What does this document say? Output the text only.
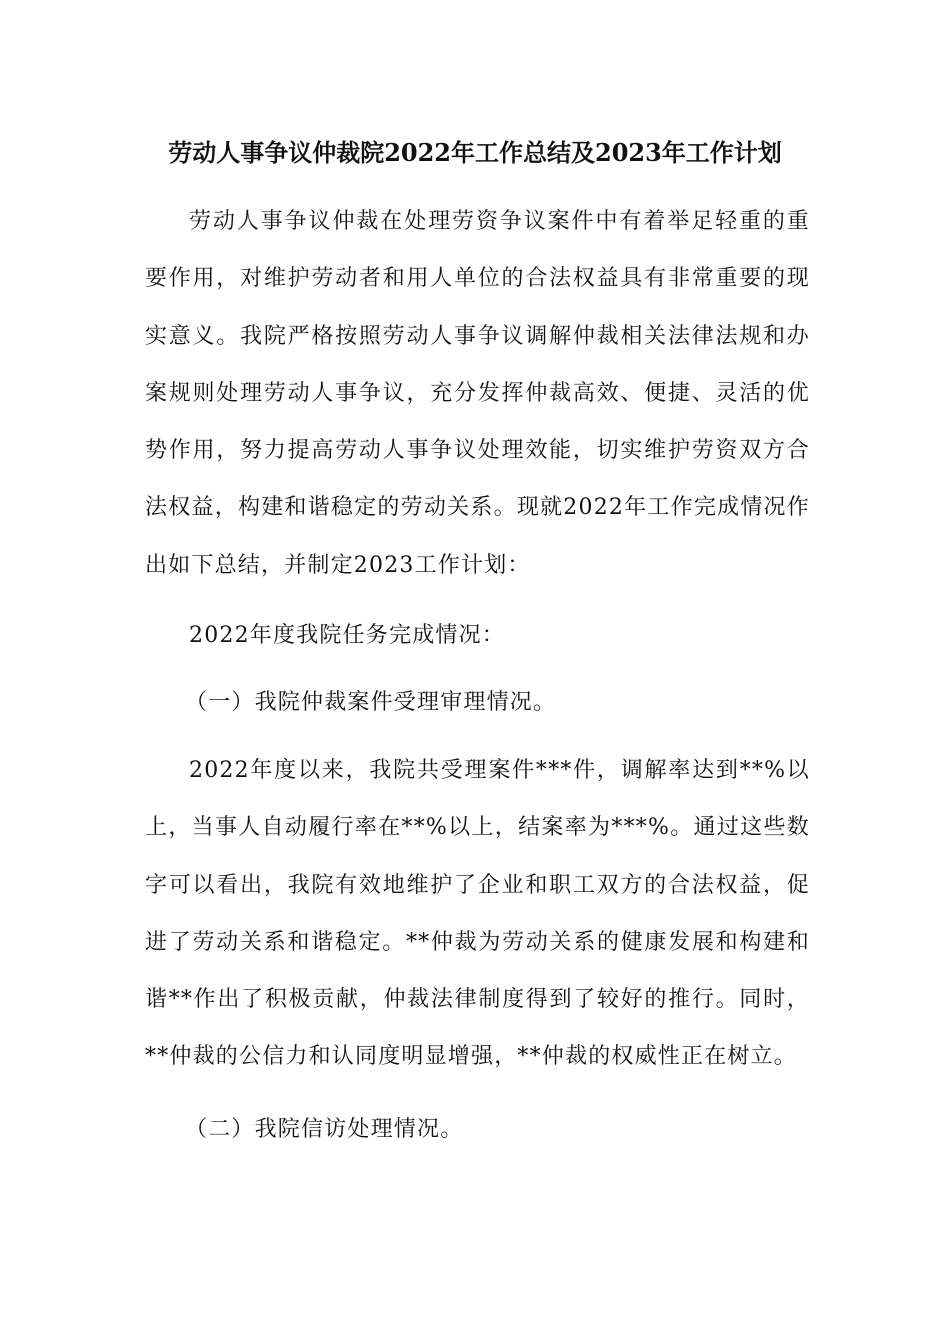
劳动人事争议仲裁院2022年工作总结及2023年工作计划

劳动人事争议仲裁在处理劳资争议案件中有着举足轻重的重要作用，对维护劳动者和用人单位的合法权益具有非常重要的现实意义。我院严格按照劳动人事争议调解仲裁相关法律法规和办案规则处理劳动人事争议，充分发挥仲裁高效、便捷、灵活的优势作用，努力提高劳动人事争议处理效能，切实维护劳资双方合法权益，构建和谐稳定的劳动关系。现就2022年工作完成情况作出如下总结，并制定2023工作计划：

2022年度我院任务完成情况：

（一）我院仲裁案件受理审理情况。

2022年度以来，我院共受理案件***件，调解率达到**%以上，当事人自动履行率在**%以上，结案率为***%。通过这些数字可以看出，我院有效地维护了企业和职工双方的合法权益，促进了劳动关系和谐稳定。**仲裁为劳动关系的健康发展和构建和谐**作出了积极贡献，仲裁法律制度得到了较好的推行。同时，**仲裁的公信力和认同度明显增强，**仲裁的权威性正在树立。

（二）我院信访处理情况。
